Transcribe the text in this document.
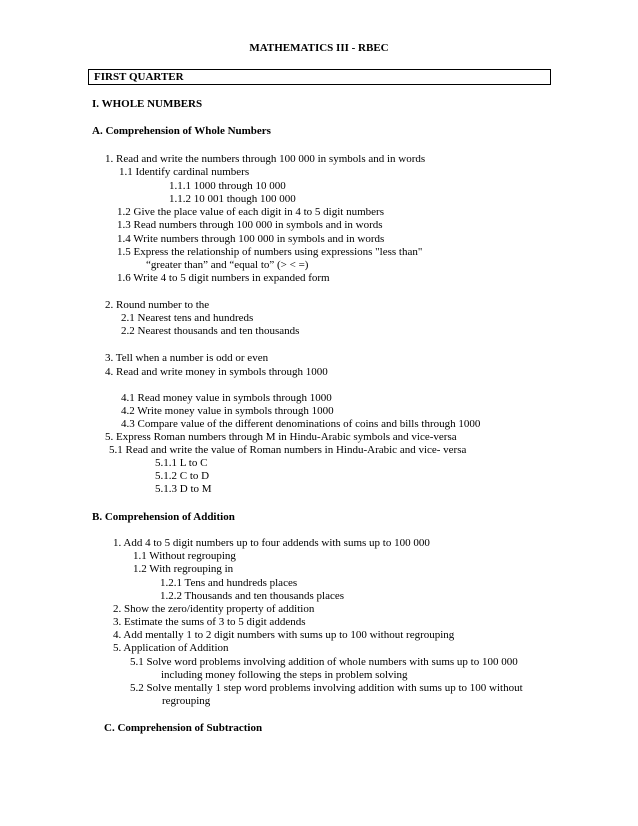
MATHEMATICS III - RBEC
FIRST QUARTER
I. WHOLE NUMBERS
A. Comprehension of Whole Numbers
1. Read and write the numbers through 100 000 in symbols and in words
1.1 Identify cardinal numbers
1.1.1 1000 through 10 000
1.1.2 10 001 though 100 000
1.2 Give the place value of each digit in 4 to 5 digit numbers
1.3 Read numbers through 100 000 in symbols and in words
1.4 Write numbers through 100 000 in symbols and in words
1.5 Express the relationship of numbers using expressions "less than"
“greater than” and “equal to” (> < =)
1.6 Write 4 to 5 digit numbers in expanded form
2. Round number to the
2.1 Nearest tens and hundreds
2.2 Nearest thousands and ten thousands
3. Tell when a number is odd or even
4. Read and write money in symbols through 1000
4.1 Read money value in symbols through 1000
4.2 Write money value in symbols through 1000
4.3 Compare value of the different denominations of coins and bills through 1000
5. Express Roman numbers through M in Hindu-Arabic symbols and vice-versa
5.1 Read and write the value of Roman numbers in Hindu-Arabic and vice- versa
5.1.1 L to C
5.1.2 C to D
5.1.3 D to M
B. Comprehension of Addition
1. Add 4 to 5 digit numbers up to four addends with sums up to 100 000
1.1 Without regrouping
1.2 With regrouping in
1.2.1 Tens and hundreds places
1.2.2 Thousands and ten thousands places
2. Show the zero/identity property of addition
3. Estimate the sums of 3 to 5 digit addends
4. Add mentally 1 to 2 digit numbers with sums up to 100 without regrouping
5. Application of Addition
5.1 Solve word problems involving addition of whole numbers with sums up to 100 000
including money following the steps in problem solving
5.2 Solve mentally 1 step word problems involving addition with sums up to 100 without
regrouping
C. Comprehension of Subtraction
